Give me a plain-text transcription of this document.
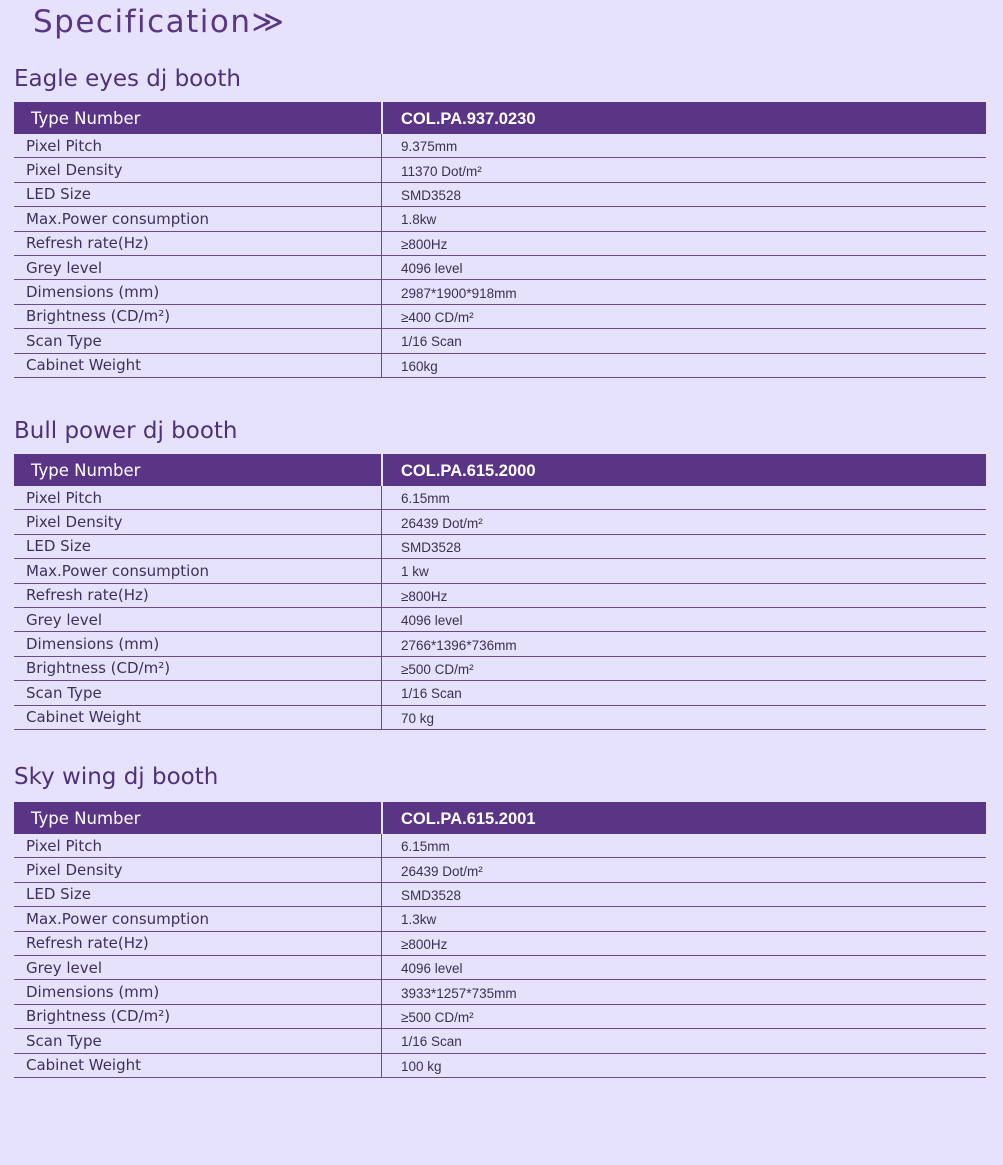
Specification≫
Eagle eyes dj booth
Type Number	COL.PA.937.0230
Pixel Pitch	9.375mm
Pixel Density	11370 Dot/m²
LED Size	SMD3528
Max.Power consumption	1.8kw
Refresh rate(Hz)	≥800Hz
Grey level	4096 level
Dimensions (mm)	2987*1900*918mm
Brightness (CD/m²)	≥400 CD/m²
Scan Type	1/16 Scan
Cabinet Weight	160kg
Bull power dj booth
Type Number	COL.PA.615.2000
Pixel Pitch	6.15mm
Pixel Density	26439 Dot/m²
LED Size	SMD3528
Max.Power consumption	1 kw
Refresh rate(Hz)	≥800Hz
Grey level	4096 level
Dimensions (mm)	2766*1396*736mm
Brightness (CD/m²)	≥500 CD/m²
Scan Type	1/16 Scan
Cabinet Weight	70 kg
Sky wing dj booth
Type Number	COL.PA.615.2001
Pixel Pitch	6.15mm
Pixel Density	26439 Dot/m²
LED Size	SMD3528
Max.Power consumption	1.3kw
Refresh rate(Hz)	≥800Hz
Grey level	4096 level
Dimensions (mm)	3933*1257*735mm
Brightness (CD/m²)	≥500 CD/m²
Scan Type	1/16 Scan
Cabinet Weight	100 kg
